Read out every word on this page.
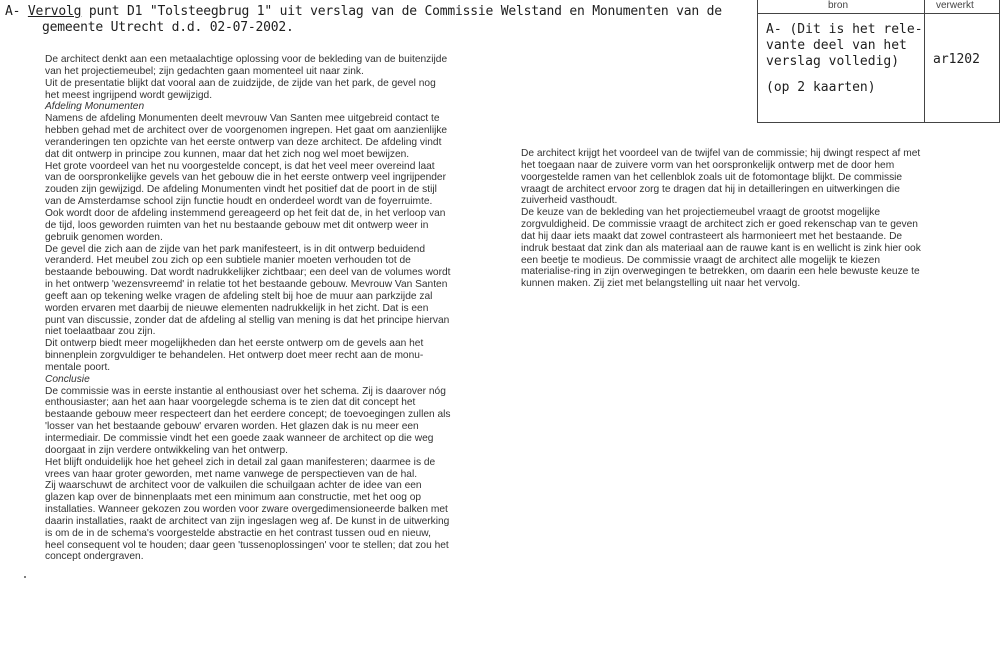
A- Vervolg punt D1 "Tolsteegbrug 1" uit verslag van de Commissie Welstand en Monumenten van de
gemeente Utrecht d.d. 02-07-2002.
bron	verwerkt
A- (Dit is het rele-
vante deel van het
verslag volledig)	ar1202
(op 2 kaarten)
De architect denkt aan een metaalachtige oplossing voor de bekleding van de buitenzijde
van het projectiemeubel; zijn gedachten gaan momenteel uit naar zink.
Uit de presentatie blijkt dat vooral aan de zuidzijde, de zijde van het park, de gevel nog
het meest ingrijpend wordt gewijzigd.
Afdeling Monumenten
Namens de afdeling Monumenten deelt mevrouw Van Santen mee uitgebreid contact te
hebben gehad met de architect over de voorgenomen ingrepen. Het gaat om aanzienlijke
veranderingen ten opzichte van het eerste ontwerp van deze architect. De afdeling vindt
dat dit ontwerp in principe zou kunnen, maar dat het zich nog wel moet bewijzen.
Het grote voordeel van het nu voorgestelde concept, is dat het veel meer overeind laat
van de oorspronkelijke gevels van het gebouw die in het eerste ontwerp veel ingrijpender
zouden zijn gewijzigd. De afdeling Monumenten vindt het positief dat de poort in de stijl
van de Amsterdamse school zijn functie houdt en onderdeel wordt van de foyerruimte.
Ook wordt door de afdeling instemmend gereageerd op het feit dat de, in het verloop van
de tijd, loos geworden ruimten van het nu bestaande gebouw met dit ontwerp weer in
gebruik genomen worden.
De gevel die zich aan de zijde van het park manifesteert, is in dit ontwerp beduidend
veranderd. Het meubel zou zich op een subtiele manier moeten verhouden tot de
bestaande bebouwing. Dat wordt nadrukkelijker zichtbaar; een deel van de volumes wordt
in het ontwerp 'wezensvreemd' in relatie tot het bestaande gebouw. Mevrouw Van Santen
geeft aan op tekening welke vragen de afdeling stelt bij hoe de muur aan parkzijde zal
worden ervaren met daarbij de nieuwe elementen nadrukkelijk in het zicht. Dat is een
punt van discussie, zonder dat de afdeling al stellig van mening is dat het principe hiervan
niet toelaatbaar zou zijn.
Dit ontwerp biedt meer mogelijkheden dan het eerste ontwerp om de gevels aan het
binnenplein zorgvuldiger te behandelen. Het ontwerp doet meer recht aan de monu-
mentale poort.
Conclusie
De commissie was in eerste instantie al enthousiast over het schema. Zij is daarover nóg
enthousiaster; aan het aan haar voorgelegde schema is te zien dat dit concept het
bestaande gebouw meer respecteert dan het eerdere concept; de toevoegingen zullen als
'losser van het bestaande gebouw' ervaren worden. Het glazen dak is nu meer een
intermediair. De commissie vindt het een goede zaak wanneer de architect op die weg
doorgaat in zijn verdere ontwikkeling van het ontwerp.
Het blijft onduidelijk hoe het geheel zich in detail zal gaan manifesteren; daarmee is de
vrees van haar groter geworden, met name vanwege de perspectieven van de hal.
Zij waarschuwt de architect voor de valkuilen die schuilgaan achter de idee van een
glazen kap over de binnenplaats met een minimum aan constructie, met het oog op
installaties. Wanneer gekozen zou worden voor zware overgedimensioneerde balken met
daarin installaties, raakt de architect van zijn ingeslagen weg af. De kunst in de uitwerking
is om de in de schema's voorgestelde abstractie en het contrast tussen oud en nieuw,
heel consequent vol te houden; daar geen 'tussenoplossingen' voor te stellen; dat zou het
concept ondergraven.
De architect krijgt het voordeel van de twijfel van de commissie; hij dwingt respect af met
het toegaan naar de zuivere vorm van het oorspronkelijk ontwerp met de door hem
voorgestelde ramen van het cellenblok zoals uit de fotomontage blijkt. De commissie
vraagt de architect ervoor zorg te dragen dat hij in detailleringen en uitwerkingen die
zuiverheid vasthoudt.
De keuze van de bekleding van het projectiemeubel vraagt de grootst mogelijke
zorgvuldigheid. De commissie vraagt de architect zich er goed rekenschap van te geven
dat hij daar iets maakt dat zowel contrasteert als harmonieert met het bestaande. De
indruk bestaat dat zink dan als materiaal aan de rauwe kant is en wellicht is zink hier ook
een beetje te modieus. De commissie vraagt de architect alle mogelijk te kiezen
materialise-ring in zijn overwegingen te betrekken, om daarin een hele bewuste keuze te
kunnen maken. Zij ziet met belangstelling uit naar het vervolg.
